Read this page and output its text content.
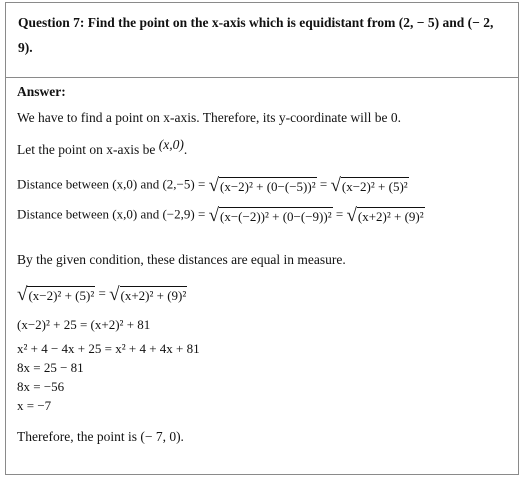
Question 7: Find the point on the x-axis which is equidistant from (2, − 5) and (− 2, 9).

Answer:
We have to find a point on x-axis. Therefore, its y-coordinate will be 0.
Let the point on x-axis be (x,0).
Distance between (x,0) and (2,−5) = √(x−2)² + (0−(−5))² = √(x−2)² + (5)²
Distance between (x,0) and (−2,9) = √(x−(−2))² + (0−(−9))² = √(x+2)² + (9)²
By the given condition, these distances are equal in measure.
√(x−2)² + (5)² = √(x+2)² + (9)²
(x−2)² + 25 = (x+2)² + 81
x² + 4 − 4x + 25 = x² + 4 + 4x + 81
8x = 25 − 81
8x = −56
x = −7
Therefore, the point is (− 7, 0).
